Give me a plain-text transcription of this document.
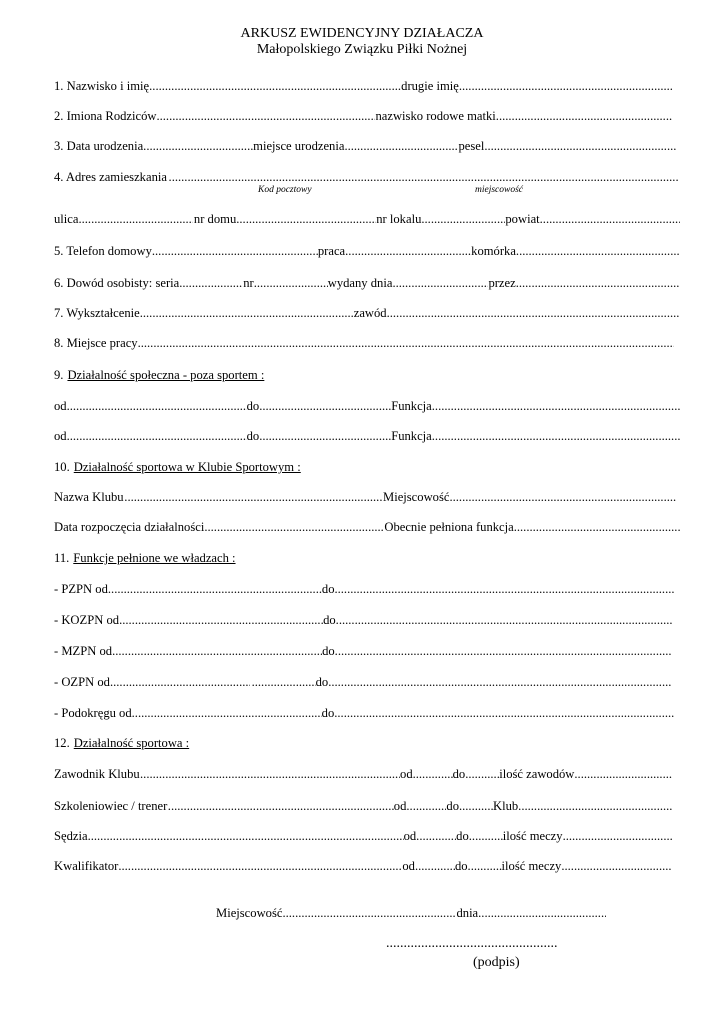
ARKUSZ EWIDENCYJNY DZIAŁACZA
Małopolskiego Związku Piłki Nożnej
1. Nazwisko i imię .....	drugie imię
.....
2. Imiona Rodziców .....	nazwisko rodowe matki
.....
3. Data urodzenia .....	miejsce urodzenia .....	pesel
.....
4. Adres zamieszkania
.....
Kod pocztowy	miejscowość
ulica .....	nr domu .....	nr lokalu .....	powiat
.....
5. Telefon domowy .....	praca .....	komórka
.....
6. Dowód osobisty: seria .....	nr .....	wydany dnia .....	przez
.....
7. Wykształcenie .....	zawód
.....
8. Miejsce pracy
.....
9. Działalność społeczna - poza sportem :
od .....	do .....	Funkcja
.....
od .....	do .....	Funkcja
.....
10. Działalność sportowa w Klubie Sportowym :
Nazwa Klubu .....	Miejscowość
.....
Data rozpoczęcia działalności .....	Obecnie pełniona funkcja
.....
11. Funkcje pełnione we władzach :
- PZPN od .....	do
.....
- KOZPN od .....	do
.....
- MZPN od .....	do
.....
- OZPN od ..... .....	do
.....
- Podokręgu od .....	do
.....
12. Działalność sportowa :
Zawodnik Klubu .....	od .....	do .....	ilość zawodów
.....
Szkoleniowiec / trener .....	od .....	do .....	Klub
.....
Sędzia .....	od .....	do .....	ilość meczy
.....
Kwalifikator .....	od .....	do .....	ilość meczy
.....
Miejscowość .....	dnia
.....
.................................................
(podpis)
